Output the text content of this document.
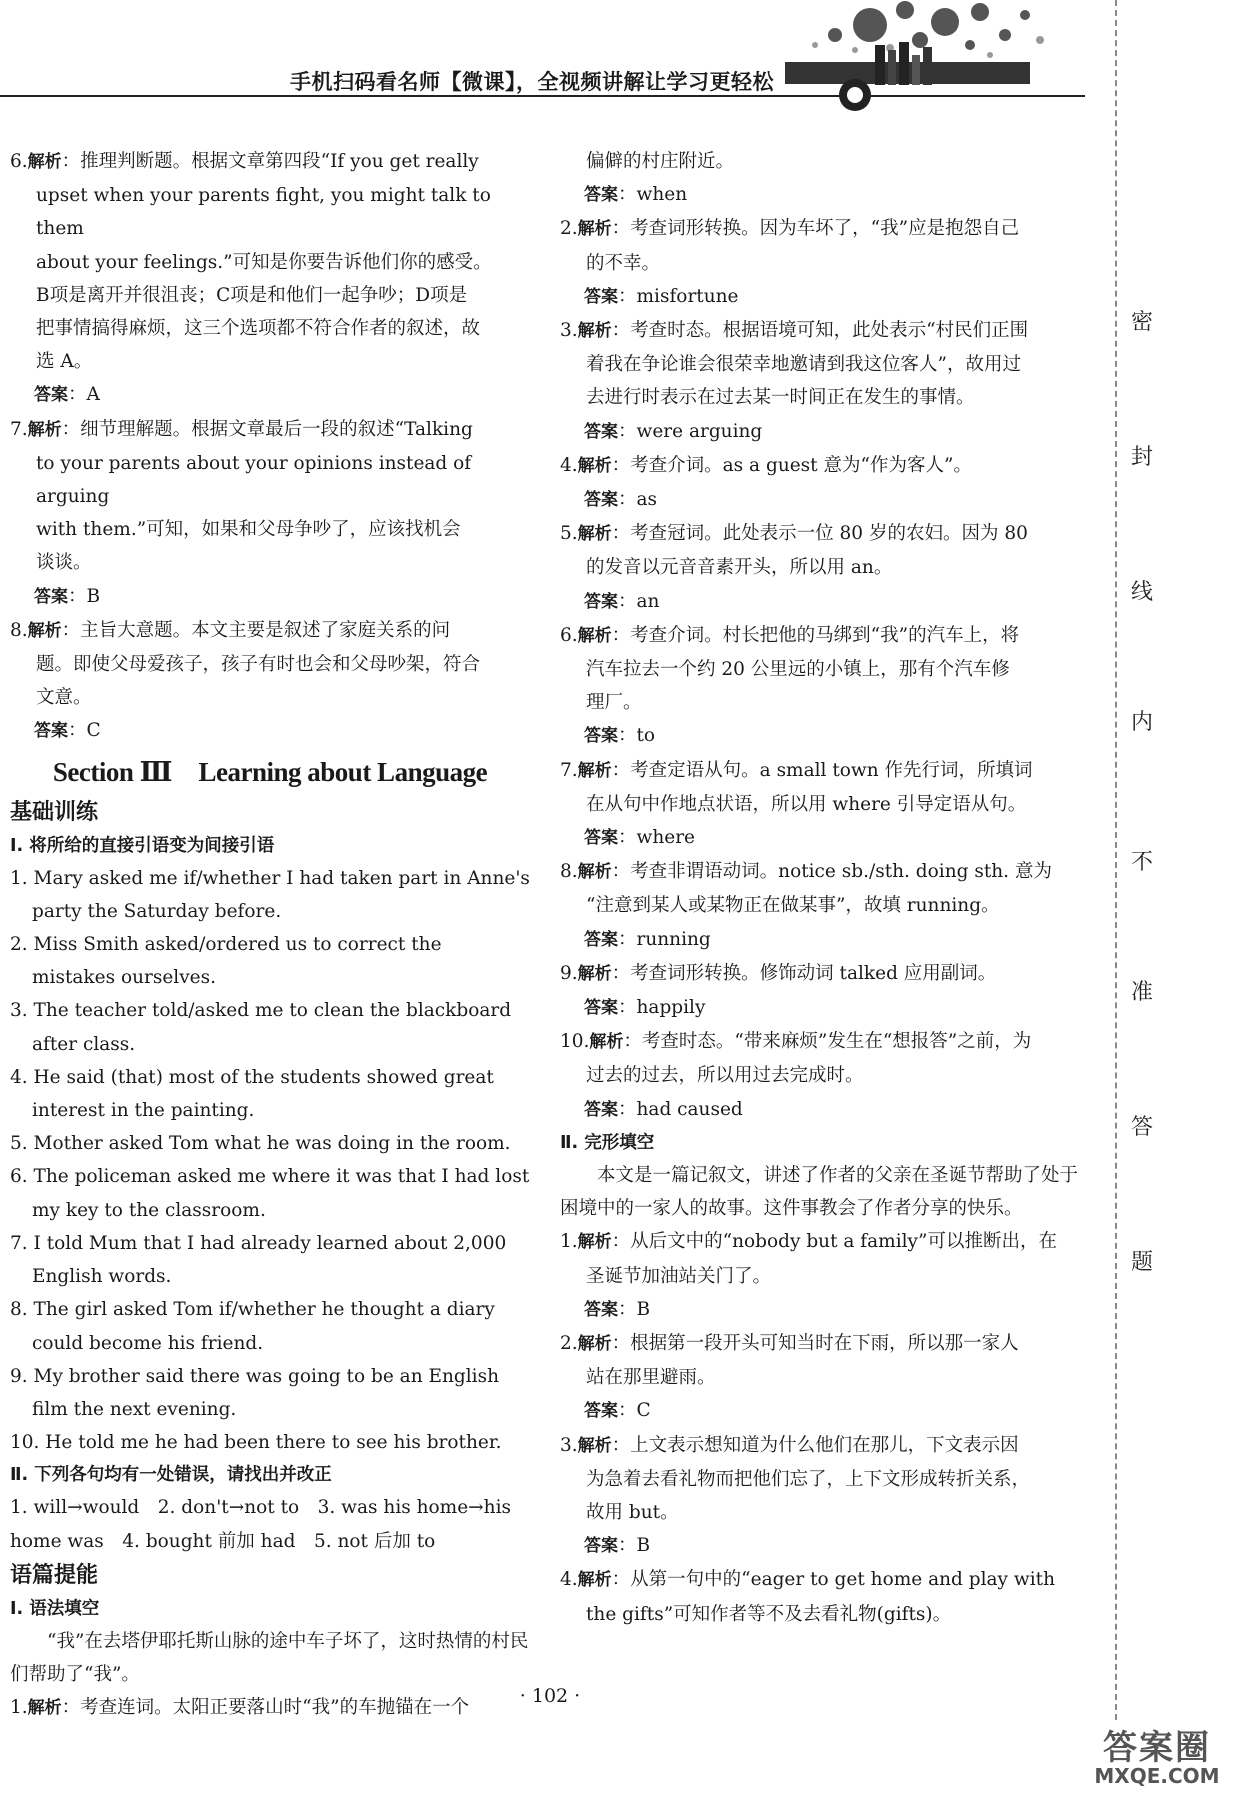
手机扫码看名师【微课】，全视频讲解让学习更轻松
6.解析：推理判断题。根据文章第四段“If you get really
upset when your parents fight, you might talk to them
about your feelings.”可知是你要告诉他们你的感受。
B项是离开并很沮丧；C项是和他们一起争吵；D项是
把事情搞得麻烦，这三个选项都不符合作者的叙述，故
选 A。
答案：A
7.解析：细节理解题。根据文章最后一段的叙述“Talking
to your parents about your opinions instead of arguing
with them.”可知，如果和父母争吵了，应该找机会
谈谈。
答案：B
8.解析：主旨大意题。本文主要是叙述了家庭关系的问
题。即使父母爱孩子，孩子有时也会和父母吵架，符合
文意。
答案：C
Section Ⅲ　Learning about Language
基础训练
Ⅰ. 将所给的直接引语变为间接引语
1. Mary asked me if/whether I had taken part in Anne's party the Saturday before.
2. Miss Smith asked/ordered us to correct the mistakes ourselves.
3. The teacher told/asked me to clean the blackboard after class.
4. He said (that) most of the students showed great interest in the painting.
5. Mother asked Tom what he was doing in the room.
6. The policeman asked me where it was that I had lost my key to the classroom.
7. I told Mum that I had already learned about 2,000 English words.
8. The girl asked Tom if/whether he thought a diary could become his friend.
9. My brother said there was going to be an English film the next evening.
10. He told me he had been there to see his brother.
Ⅱ. 下列各句均有一处错误，请找出并改正
1. will→would　2. don't→not to　3. was his home→his
home was　4. bought 前加 had　5. not 后加 to
语篇提能
Ⅰ. 语法填空
“我”在去塔伊耶托斯山脉的途中车子坏了，这时热情的村民们帮助了“我”。
1.解析：考查连词。太阳正要落山时“我”的车抛锚在一个
偏僻的村庄附近。
答案：when
2.解析：考查词形转换。因为车坏了，“我”应是抱怨自己
的不幸。
答案：misfortune
3.解析：考查时态。根据语境可知，此处表示“村民们正围
着我在争论谁会很荣幸地邀请到我这位客人”，故用过
去进行时表示在过去某一时间正在发生的事情。
答案：were arguing
4.解析：考查介词。as a guest 意为“作为客人”。
答案：as
5.解析：考查冠词。此处表示一位 80 岁的农妇。因为 80
的发音以元音音素开头，所以用 an。
答案：an
6.解析：考查介词。村长把他的马绑到“我”的汽车上，将
汽车拉去一个约 20 公里远的小镇上，那有个汽车修
理厂。
答案：to
7.解析：考查定语从句。a small town 作先行词，所填词
在从句中作地点状语，所以用 where 引导定语从句。
答案：where
8.解析：考查非谓语动词。notice sb./sth. doing sth. 意为
“注意到某人或某物正在做某事”，故填 running。
答案：running
9.解析：考查词形转换。修饰动词 talked 应用副词。
答案：happily
10.解析：考查时态。“带来麻烦”发生在“想报答”之前，为
过去的过去，所以用过去完成时。
答案：had caused
Ⅱ. 完形填空
本文是一篇记叙文，讲述了作者的父亲在圣诞节帮助了处于困境中的一家人的故事。这件事教会了作者分享的快乐。
1.解析：从后文中的“nobody but a family”可以推断出，在
圣诞节加油站关门了。
答案：B
2.解析：根据第一段开头可知当时在下雨，所以那一家人
站在那里避雨。
答案：C
3.解析：上文表示想知道为什么他们在那儿，下文表示因
为急着去看礼物而把他们忘了，上下文形成转折关系，
故用 but。
答案：B
4.解析：从第一句中的“eager to get home and play with
the gifts”可知作者等不及去看礼物(gifts)。
密
封
线
内
不
准
答
题
· 102 ·
答案圈
MXQE.COM
